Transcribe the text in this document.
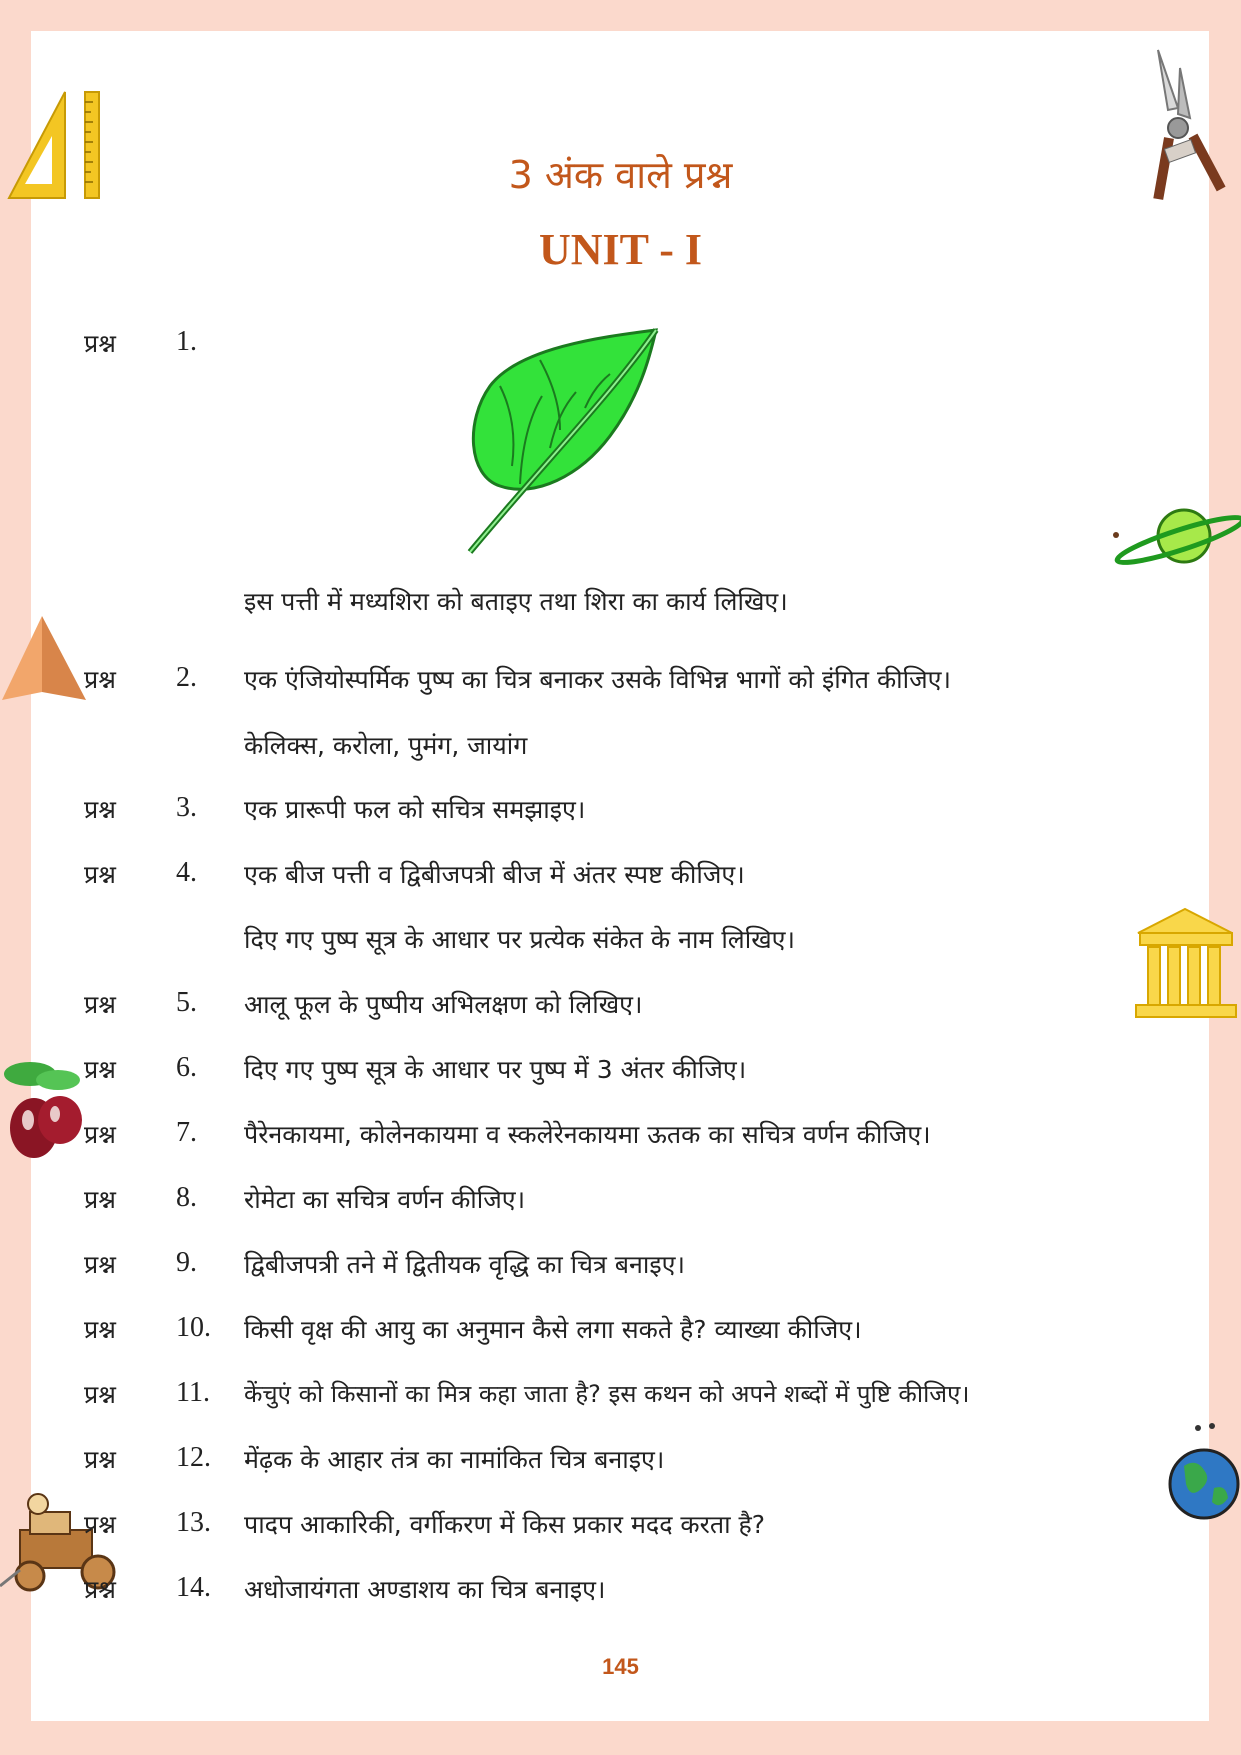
3 अंक वाले प्रश्न
UNIT - I
प्रश्न 1.
इस पत्ती में मध्यशिरा को बताइए तथा शिरा का कार्य लिखिए।
प्रश्न 2. एक एंजियोस्पर्मिक पुष्प का चित्र बनाकर उसके विभिन्न भागों को इंगित कीजिए।
केलिक्स, करोला, पुमंग, जायांग
प्रश्न 3. एक प्रारूपी फल को सचित्र समझाइए।
प्रश्न 4. एक बीज पत्ती व द्विबीजपत्री बीज में अंतर स्पष्ट कीजिए।
दिए गए पुष्प सूत्र के आधार पर प्रत्येक संकेत के नाम लिखिए।
प्रश्न 5. आलू फूल के पुष्पीय अभिलक्षण को लिखिए।
प्रश्न 6. दिए गए पुष्प सूत्र के आधार पर पुष्प में 3 अंतर कीजिए।
प्रश्न 7. पैरेनकायमा, कोलेनकायमा व स्कलेरेनकायमा ऊतक का सचित्र वर्णन कीजिए।
प्रश्न 8. रोमेटा का सचित्र वर्णन कीजिए।
प्रश्न 9. द्विबीजपत्री तने में द्वितीयक वृद्धि का चित्र बनाइए।
प्रश्न 10. किसी वृक्ष की आयु का अनुमान कैसे लगा सकते है? व्याख्या कीजिए।
प्रश्न 11. केंचुएं को किसानों का मित्र कहा जाता है? इस कथन को अपने शब्दों में पुष्टि कीजिए।
प्रश्न 12. मेंढ़क के आहार तंत्र का नामांकित चित्र बनाइए।
प्रश्न 13. पादप आकारिकी, वर्गीकरण में किस प्रकार मदद करता है?
प्रश्न 14. अधोजायंगता अण्डाशय का चित्र बनाइए।
145
